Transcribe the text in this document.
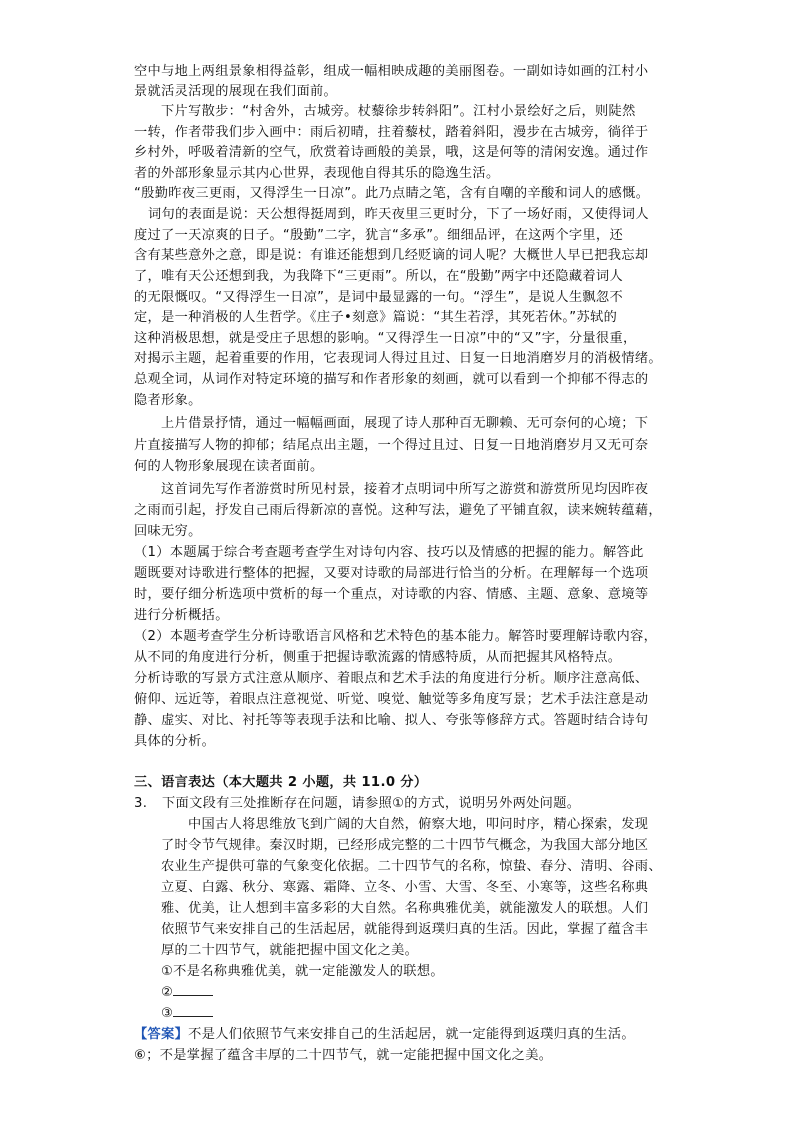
空中与地上两组景象相得益彰，组成一幅相映成趣的美丽图卷。一副如诗如画的江村小
景就活灵活现的展现在我们面前。
下片写散步：“村舍外，古城旁。杖藜徐步转斜阳”。江村小景绘好之后，则陡然
一转，作者带我们步入画中：雨后初晴，拄着藜杖，踏着斜阳，漫步在古城旁，徜徉于
乡村外，呼吸着清新的空气，欣赏着诗画般的美景，哦，这是何等的清闲安逸。通过作
者的外部形象显示其内心世界，表现他自得其乐的隐逸生活。
“殷勤昨夜三更雨，又得浮生一日凉”。此乃点睛之笔，含有自嘲的辛酸和词人的感慨。
词句的表面是说：天公想得挺周到，昨天夜里三更时分，下了一场好雨，又使得词人
度过了一天凉爽的日子。“殷勤”二字，犹言“多承”。细细品评，在这两个字里，还
含有某些意外之意，即是说：有谁还能想到几经贬谪的词人呢？大概世人早已把我忘却
了，唯有天公还想到我，为我降下“三更雨”。所以，在“殷勤”两字中还隐藏着词人
的无限慨叹。“又得浮生一日凉”，是词中最显露的一句。“浮生”，是说人生飘忽不
定，是一种消极的人生哲学。《庄子•刻意》篇说：“其生若浮，其死若休。”苏轼的
这种消极思想，就是受庄子思想的影响。“又得浮生一日凉”中的“又”字，分量很重，
对揭示主题，起着重要的作用，它表现词人得过且过、日复一日地消磨岁月的消极情绪。
总观全词，从词作对特定环境的描写和作者形象的刻画，就可以看到一个抑郁不得志的
隐者形象。
上片借景抒情，通过一幅幅画面，展现了诗人那种百无聊赖、无可奈何的心境；下
片直接描写人物的抑郁；结尾点出主题，一个得过且过、日复一日地消磨岁月又无可奈
何的人物形象展现在读者面前。
这首词先写作者游赏时所见村景，接着才点明词中所写之游赏和游赏所见均因昨夜
之雨而引起，抒发自己雨后得新凉的喜悦。这种写法，避免了平铺直叙，读来婉转蕴藉，
回味无穷。
（1）本题属于综合考查题考查学生对诗句内容、技巧以及情感的把握的能力。解答此
题既要对诗歌进行整体的把握，又要对诗歌的局部进行恰当的分析。在理解每一个选项
时，要仔细分析选项中赏析的每一个重点，对诗歌的内容、情感、主题、意象、意境等
进行分析概括。
（2）本题考查学生分析诗歌语言风格和艺术特色的基本能力。解答时要理解诗歌内容，
从不同的角度进行分析，侧重于把握诗歌流露的情感特质，从而把握其风格特点。
分析诗歌的写景方式注意从顺序、着眼点和艺术手法的角度进行分析。顺序注意高低、
俯仰、远近等，着眼点注意视觉、听觉、嗅觉、触觉等多角度写景；艺术手法注意是动
静、虚实、对比、衬托等等表现手法和比喻、拟人、夸张等修辞方式。答题时结合诗句
具体的分析。
三、语言表达（本大题共 2 小题，共 11.0 分）
3. 下面文段有三处推断存在问题，请参照①的方式，说明另外两处问题。
中国古人将思维放飞到广阔的大自然，俯察大地，叩问时序，精心探索，发现
了时令节气规律。秦汉时期，已经形成完整的二十四节气概念，为我国大部分地区
农业生产提供可靠的气象变化依据。二十四节气的名称，惊蛰、春分、清明、谷雨、
立夏、白露、秋分、寒露、霜降、立冬、小雪、大雪、冬至、小寒等，这些名称典
雅、优美，让人想到丰富多彩的大自然。名称典雅优美，就能激发人的联想。人们
依照节气来安排自己的生活起居，就能得到返璞归真的生活。因此，掌握了蕴含丰
厚的二十四节气，就能把握中国文化之美。
①不是名称典雅优美，就一定能激发人的联想。
②
③
【答案】不是人们依照节气来安排自己的生活起居，就一定能得到返璞归真的生活。
⑥；不是掌握了蕴含丰厚的二十四节气，就一定能把握中国文化之美。
